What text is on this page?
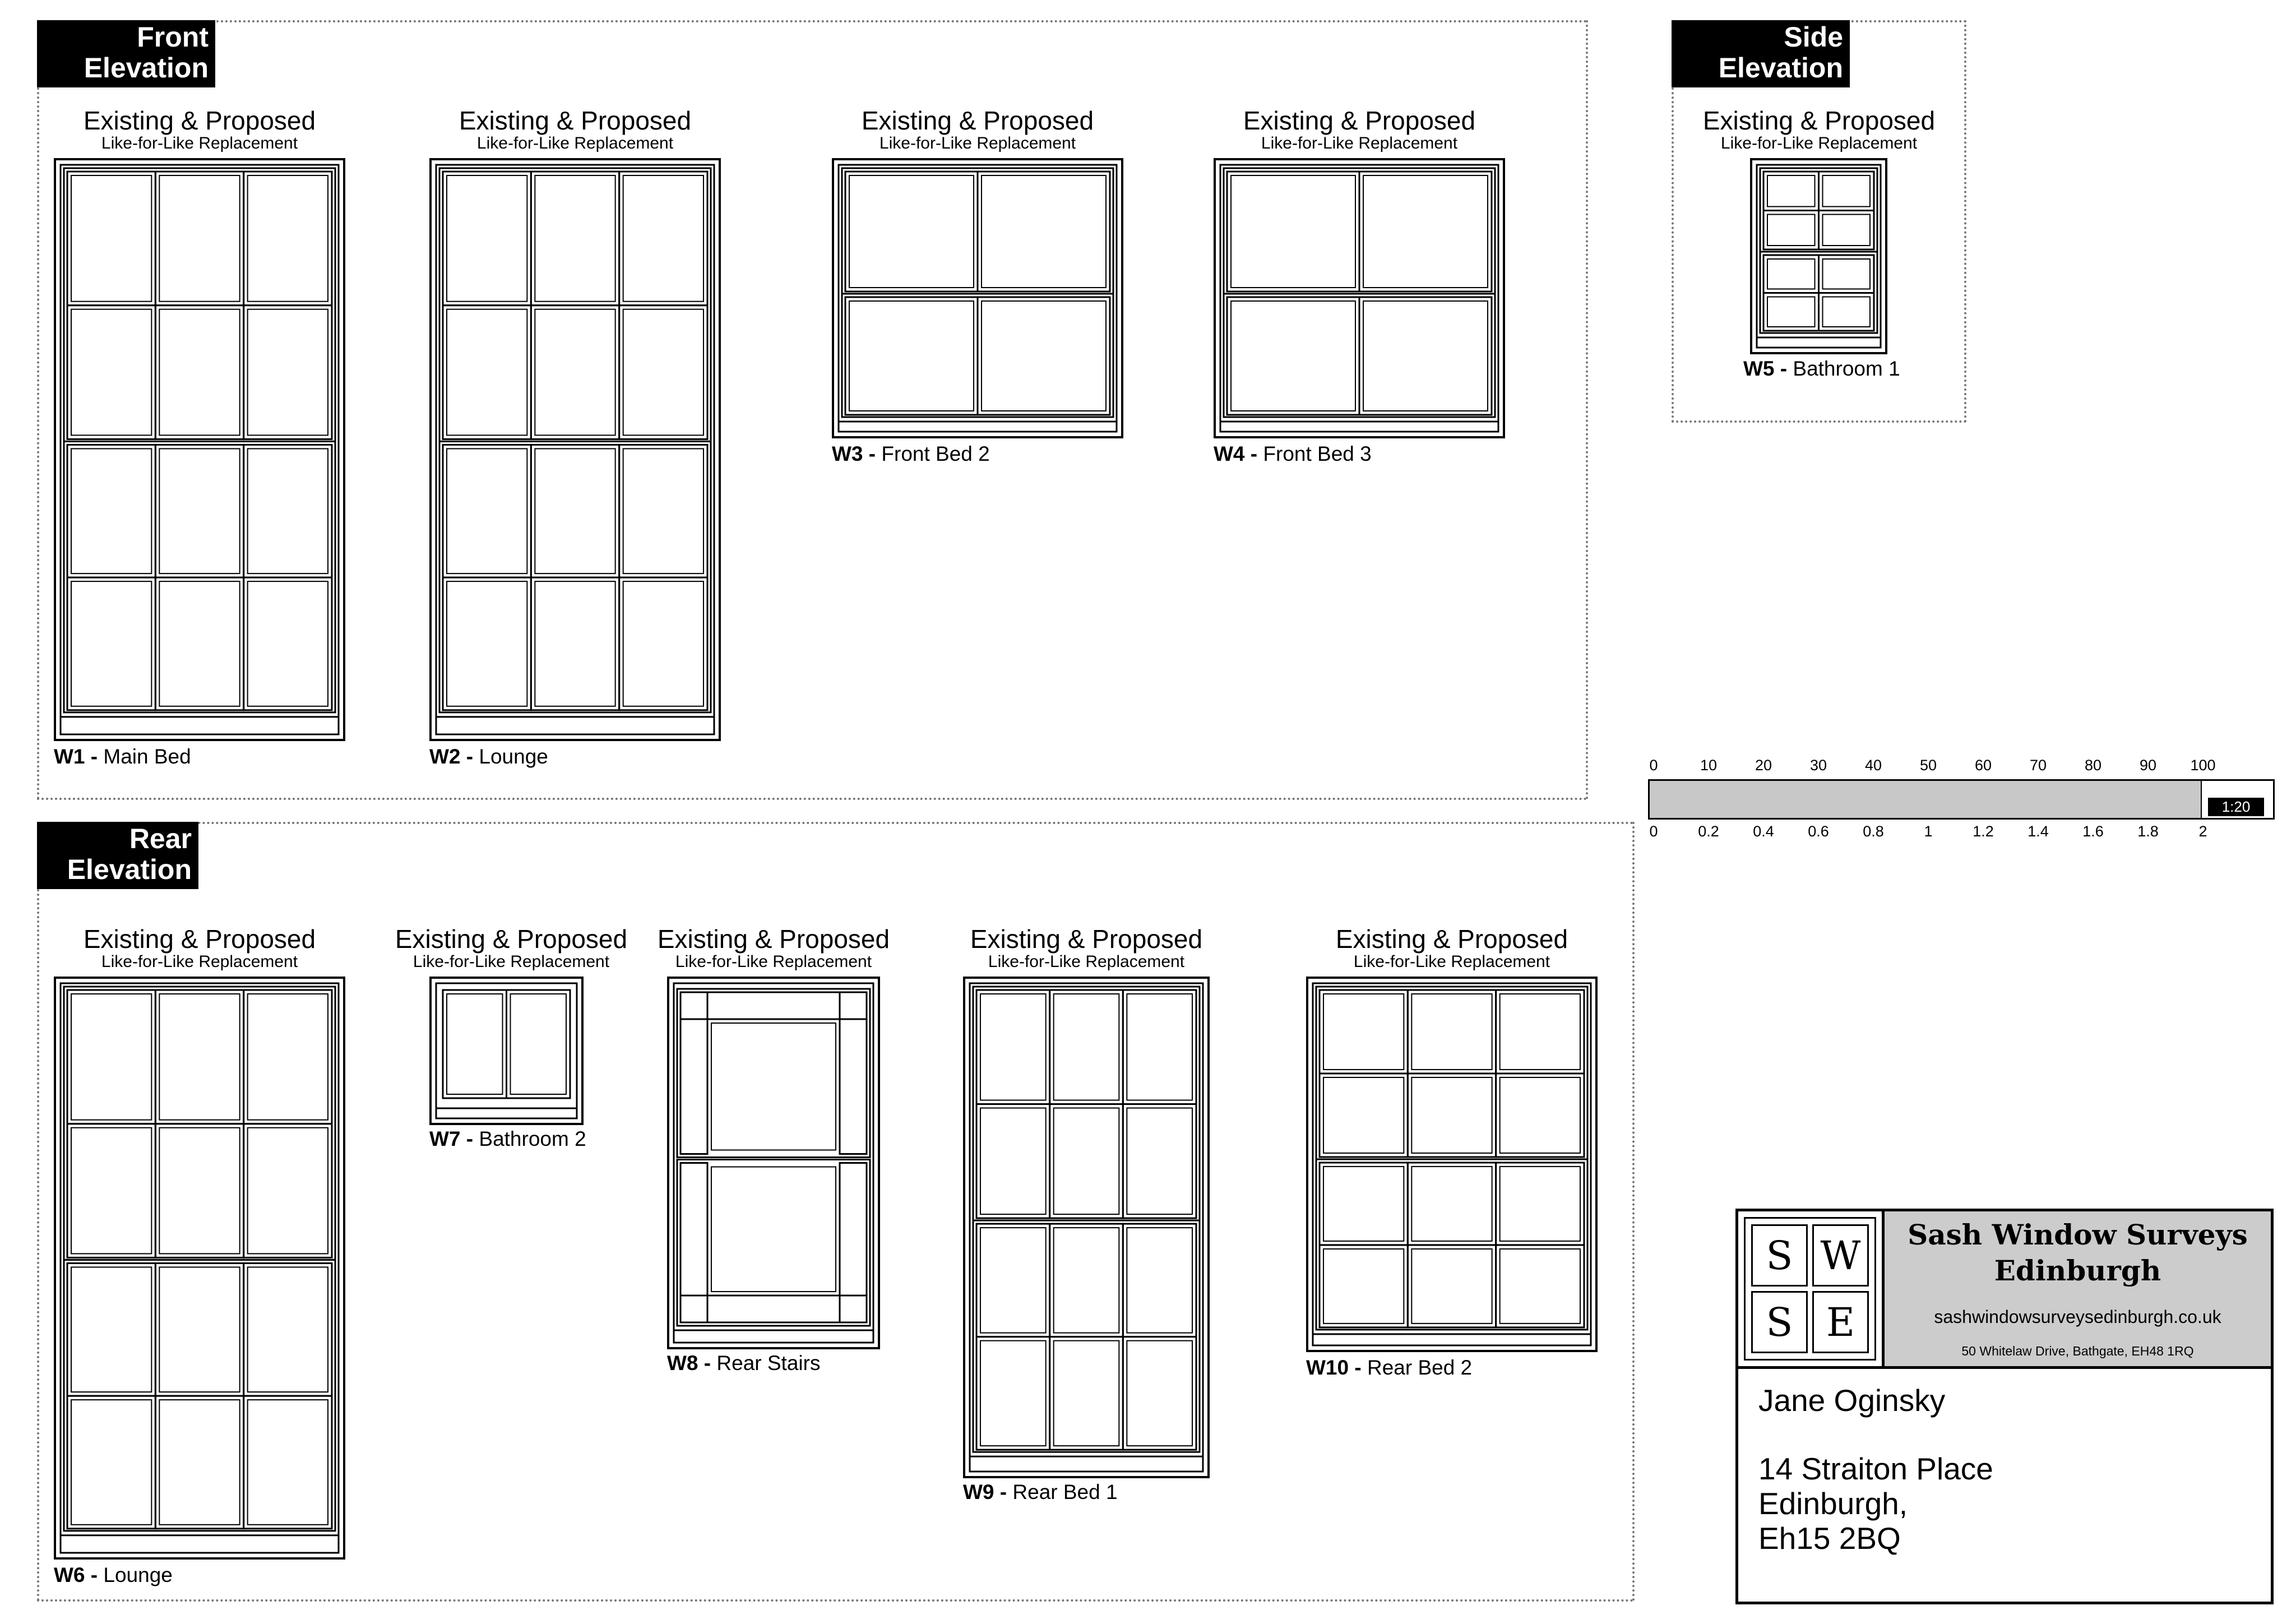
Front
Elevation
Side
Elevation
Rear
Elevation
Existing & Proposed
Like-for-Like Replacement
W1 - Main Bed
Existing & Proposed
Like-for-Like Replacement
W2 - Lounge
Existing & Proposed
Like-for-Like Replacement
W3 - Front Bed 2
Existing & Proposed
Like-for-Like Replacement
W4 - Front Bed 3
Existing & Proposed
Like-for-Like Replacement
W5 - Bathroom 1
Existing & Proposed
Like-for-Like Replacement
W6 - Lounge
Existing & Proposed
Like-for-Like Replacement
W7 - Bathroom 2
Existing & Proposed
Like-for-Like Replacement
W8 - Rear Stairs
Existing & Proposed
Like-for-Like Replacement
W9 - Rear Bed 1
Existing & Proposed
Like-for-Like Replacement
W10 - Rear Bed 2
0	10	20	30	40	50	60	70	80	90 100
1:20
0	0.2 0.4 0.6 0.8	1	1.2 1.4 1.6 1.8	2
S W
S E
Sash Window Surveys
Edinburgh
sashwindowsurveysedinburgh.co.uk
50 Whitelaw Drive, Bathgate, EH48 1RQ
Jane Oginsky
14 Straiton Place
Edinburgh,
Eh15 2BQ
